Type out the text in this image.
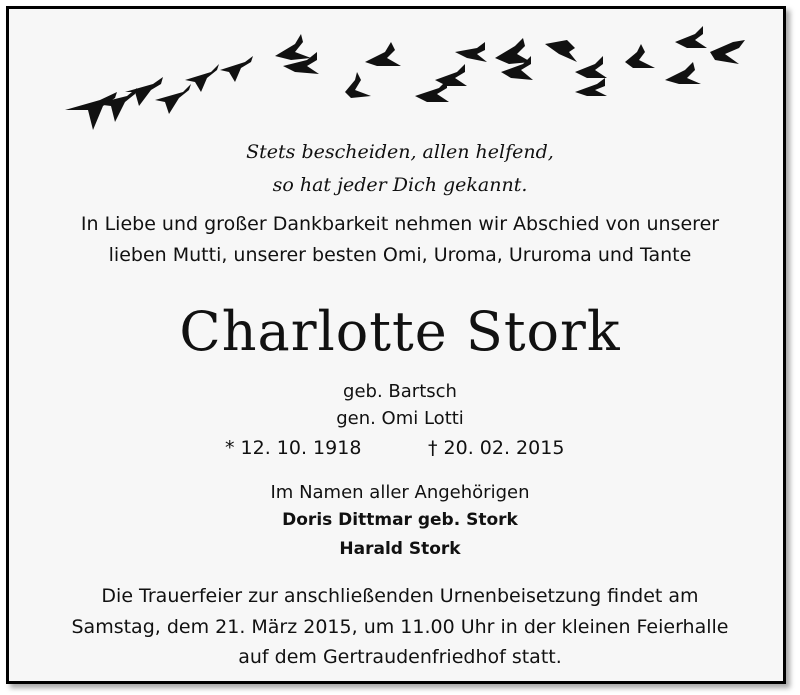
Stets bescheiden, allen helfend,
so hat jeder Dich gekannt.
In Liebe und großer Dankbarkeit nehmen wir Abschied von unserer
lieben Mutti, unserer besten Omi, Uroma, Ururoma und Tante
Charlotte Stork
geb. Bartsch
gen. Omi Lotti
* 12. 10. 1918	† 20. 02. 2015
Im Namen aller Angehörigen
Doris Dittmar geb. Stork
Harald Stork
Die Trauerfeier zur anschließenden Urnenbeisetzung findet am
Samstag, dem 21. März 2015, um 11.00 Uhr in der kleinen Feierhalle
auf dem Gertraudenfriedhof statt.
